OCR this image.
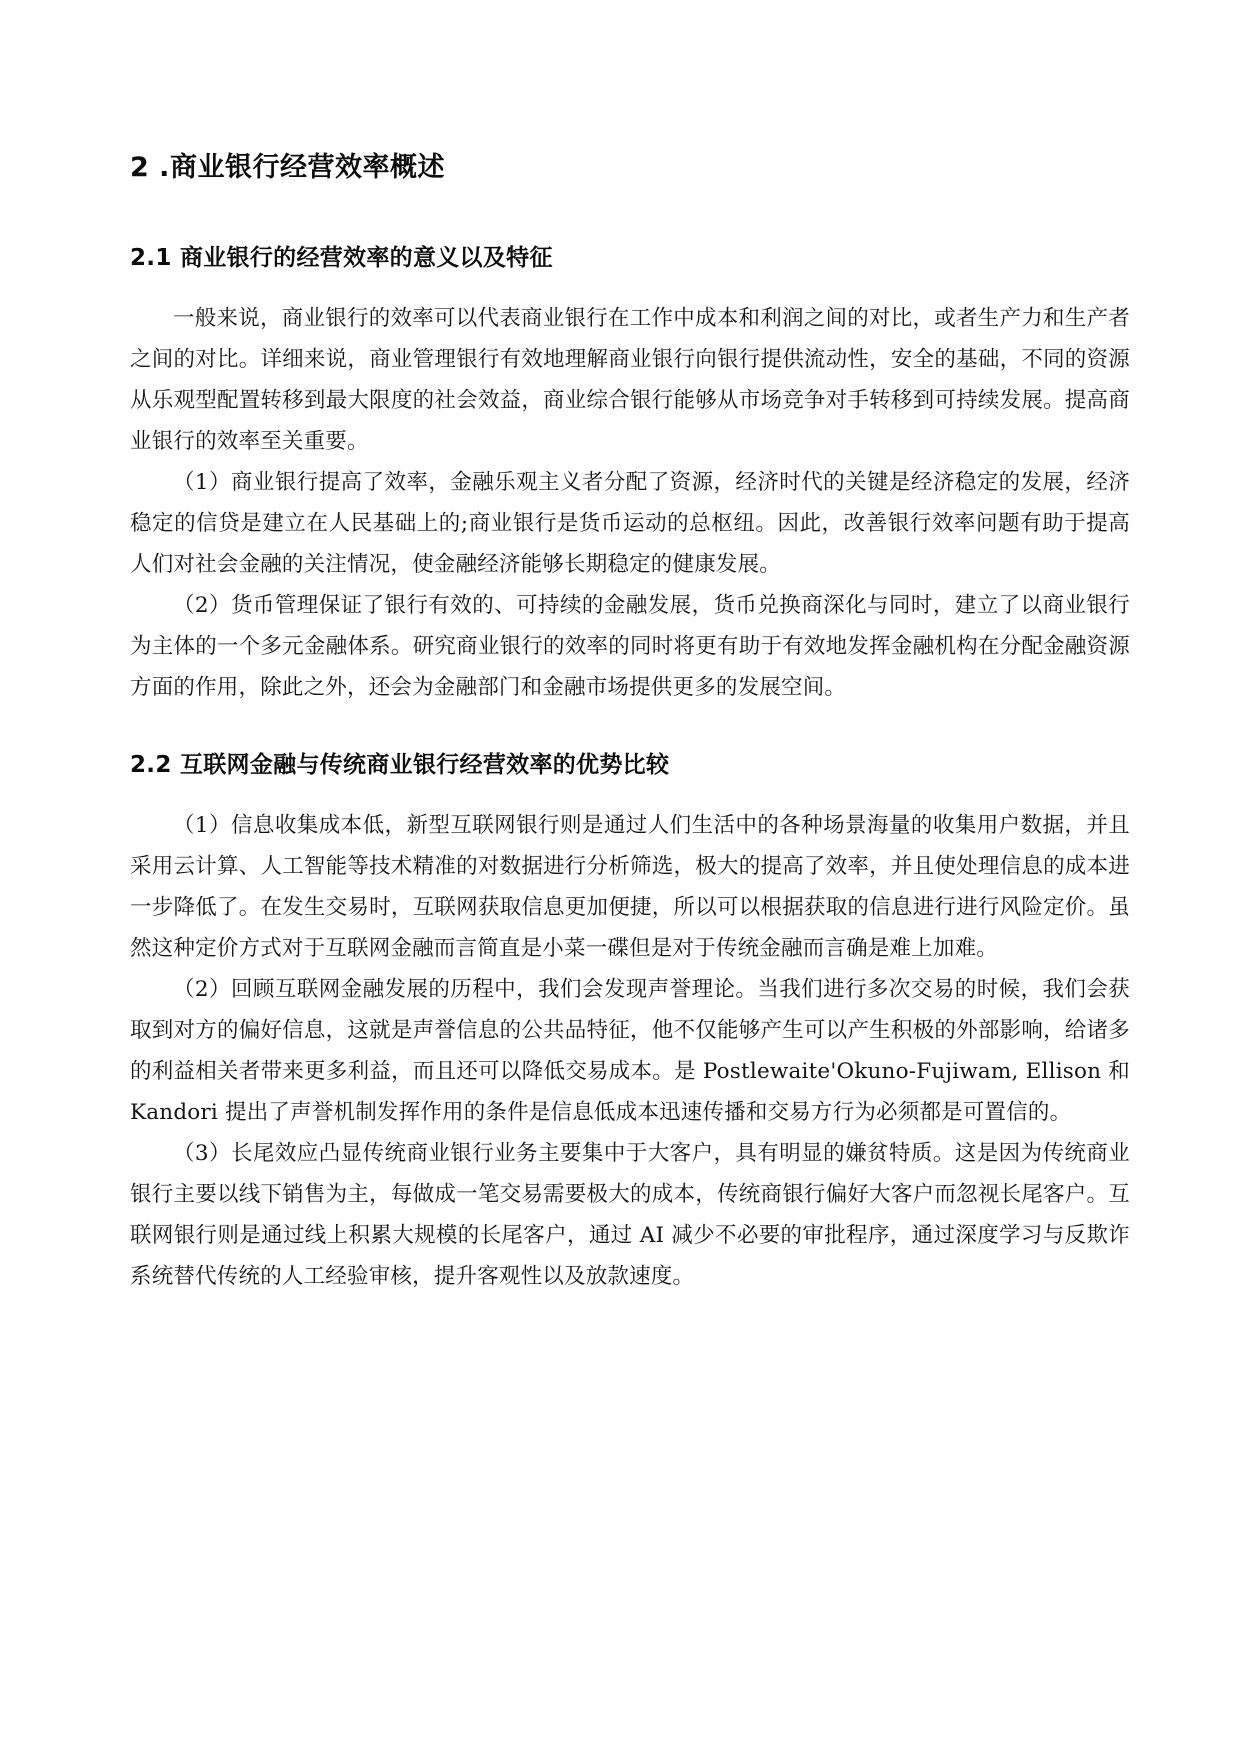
2 .商业银行经营效率概述
2.1 商业银行的经营效率的意义以及特征

一般来说，商业银行的效率可以代表商业银行在工作中成本和利润之间的对比，或者生产力和生产者之间的对比。详细来说，商业管理银行有效地理解商业银行向银行提供流动性，安全的基础，不同的资源从乐观型配置转移到最大限度的社会效益，商业综合银行能够从市场竞争对手转移到可持续发展。提高商业银行的效率至关重要。

（1）商业银行提高了效率，金融乐观主义者分配了资源，经济时代的关键是经济稳定的发展，经济稳定的信贷是建立在人民基础上的;商业银行是货币运动的总枢纽。因此，改善银行效率问题有助于提高人们对社会金融的关注情况，使金融经济能够长期稳定的健康发展。

（2）货币管理保证了银行有效的、可持续的金融发展，货币兑换商深化与同时，建立了以商业银行为主体的一个多元金融体系。研究商业银行的效率的同时将更有助于有效地发挥金融机构在分配金融资源方面的作用，除此之外，还会为金融部门和金融市场提供更多的发展空间。

2.2 互联网金融与传统商业银行经营效率的优势比较

（1）信息收集成本低，新型互联网银行则是通过人们生活中的各种场景海量的收集用户数据，并且采用云计算、人工智能等技术精准的对数据进行分析筛选，极大的提高了效率，并且使处理信息的成本进一步降低了。在发生交易时，互联网获取信息更加便捷，所以可以根据获取的信息进行进行风险定价。虽然这种定价方式对于互联网金融而言简直是小菜一碟但是对于传统金融而言确是难上加难。

（2）回顾互联网金融发展的历程中，我们会发现声誉理论。当我们进行多次交易的时候，我们会获取到对方的偏好信息，这就是声誉信息的公共品特征，他不仅能够产生可以产生积极的外部影响，给诸多的利益相关者带来更多利益，而且还可以降低交易成本。是 Postlewaite'Okuno-Fujiwam, Ellison 和 Kandori 提出了声誉机制发挥作用的条件是信息低成本迅速传播和交易方行为必须都是可置信的。

（3）长尾效应凸显传统商业银行业务主要集中于大客户，具有明显的嫌贫特质。这是因为传统商业银行主要以线下销售为主，每做成一笔交易需要极大的成本，传统商银行偏好大客户而忽视长尾客户。互联网银行则是通过线上积累大规模的长尾客户，通过 AI 减少不必要的审批程序，通过深度学习与反欺诈系统替代传统的人工经验审核，提升客观性以及放款速度。
